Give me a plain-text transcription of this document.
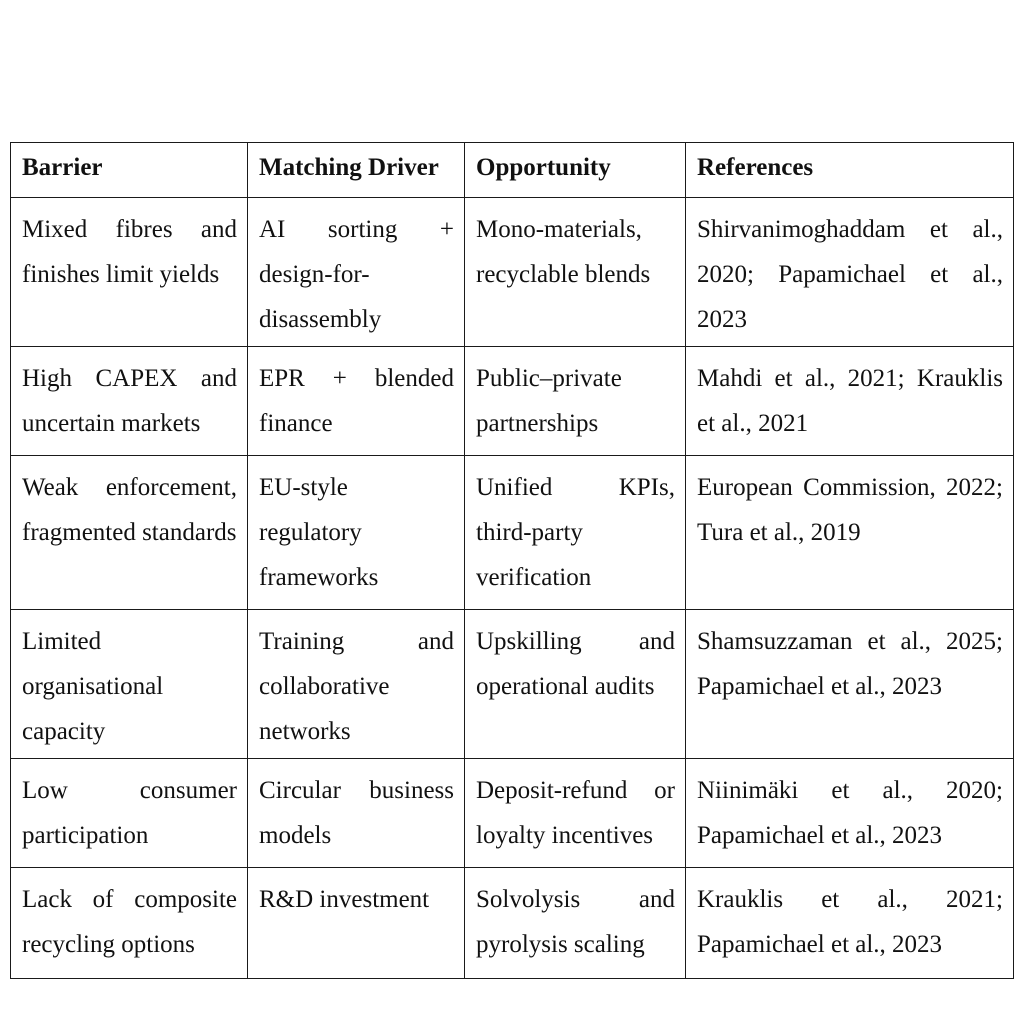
Barrier	Matching Driver	Opportunity	References
Mixed fibres and finishes limit yields	AI sorting + design-for-disassembly	Mono-materials, recyclable blends	Shirvanimoghaddam et al., 2020; Papamichael et al., 2023
High CAPEX and uncertain markets	EPR + blended finance	Public–private partnerships	Mahdi et al., 2021; Krauklis et al., 2021
Weak enforcement, fragmented standards	EU-style regulatory frameworks	Unified KPIs, third-party verification	European Commission, 2022; Tura et al., 2019
Limited organisational capacity	Training and collaborative networks	Upskilling and operational audits	Shamsuzzaman et al., 2025; Papamichael et al., 2023
Low consumer participation	Circular business models	Deposit-refund or loyalty incentives	Niinimäki et al., 2020; Papamichael et al., 2023
Lack of composite recycling options	R&D investment	Solvolysis and pyrolysis scaling	Krauklis et al., 2021; Papamichael et al., 2023
